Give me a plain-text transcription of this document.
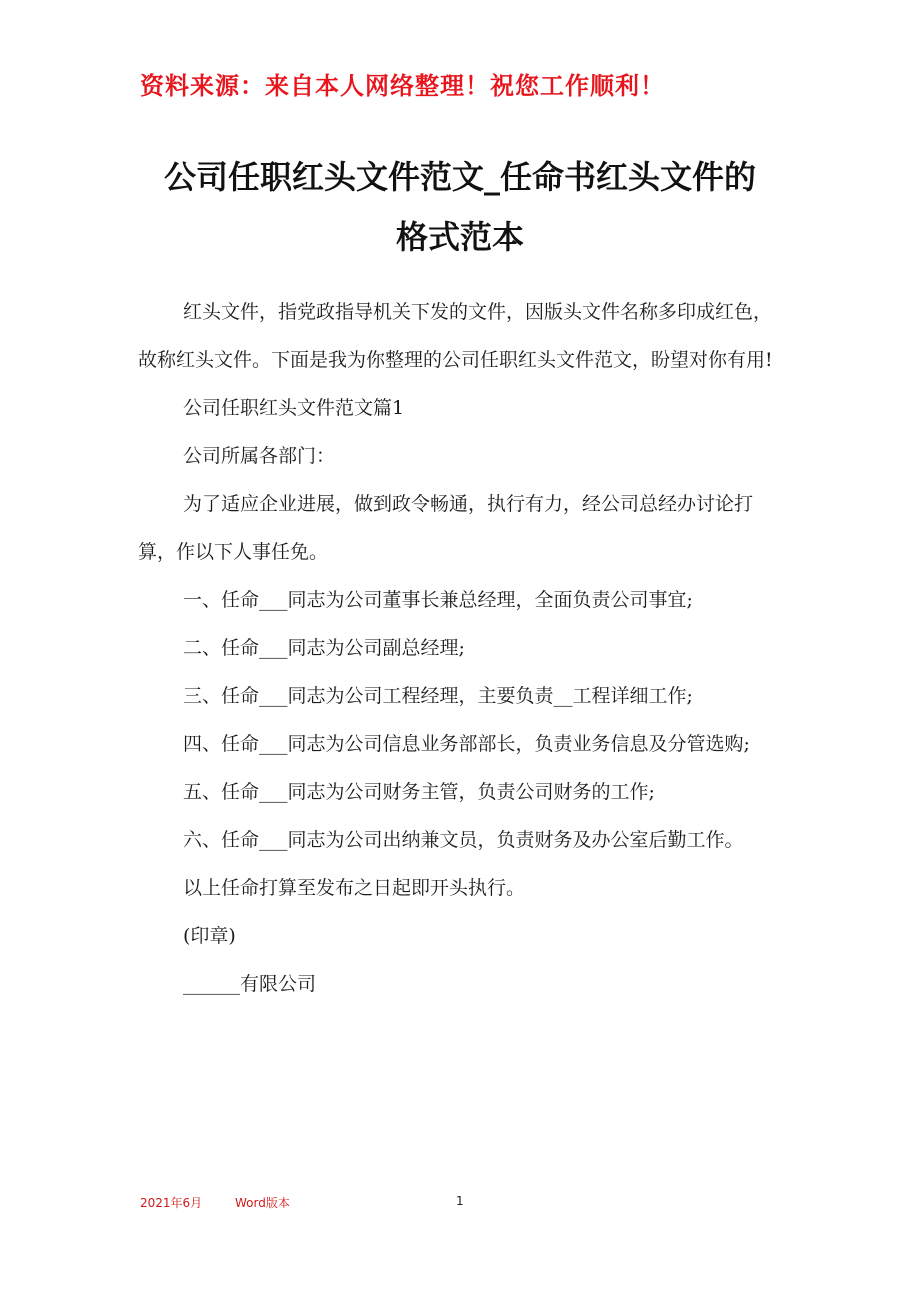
资料来源：来自本人网络整理！祝您工作顺利！
公司任职红头文件范文_任命书红头文件的
格式范本

红头文件，指党政指导机关下发的文件，因版头文件名称多印成红色，故称红头文件。下面是我为你整理的公司任职红头文件范文，盼望对你有用!

公司任职红头文件范文篇1

公司所属各部门：

为了适应企业进展，做到政令畅通，执行有力，经公司总经办讨论打算，作以下人事任免。

一、任命___同志为公司董事长兼总经理，全面负责公司事宜;

二、任命___同志为公司副总经理;

三、任命___同志为公司工程经理，主要负责__工程详细工作;

四、任命___同志为公司信息业务部部长，负责业务信息及分管选购;

五、任命___同志为公司财务主管，负责公司财务的工作;

六、任命___同志为公司出纳兼文员，负责财务及办公室后勤工作。

以上任命打算至发布之日起即开头执行。

(印章)

______有限公司

2021年6月	Word版本	1
